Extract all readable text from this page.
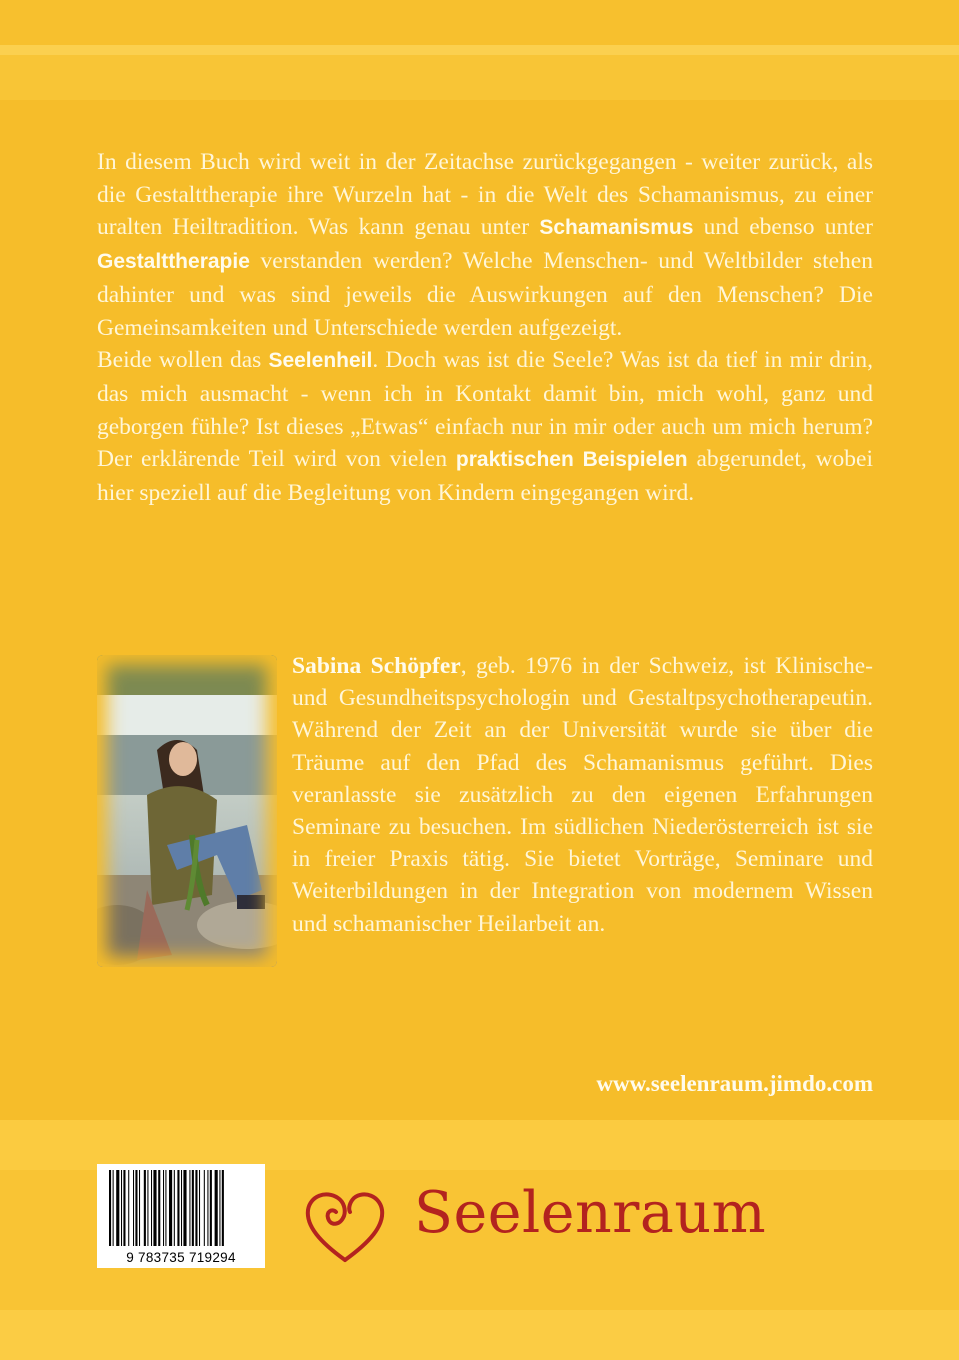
In diesem Buch wird weit in der Zeitachse zurückgegangen - weiter zurück, als die Gestalttherapie ihre Wurzeln hat - in die Welt des Schamanismus, zu einer uralten Heiltradition. Was kann genau unter Schamanismus und ebenso unter Gestalttherapie verstanden werden? Welche Menschen- und Weltbilder stehen dahinter und was sind jeweils die Auswirkungen auf den Menschen? Die Gemeinsamkeiten und Unterschiede werden aufgezeigt.

Beide wollen das Seelenheil. Doch was ist die Seele? Was ist da tief in mir drin, das mich ausmacht - wenn ich in Kontakt damit bin, mich wohl, ganz und geborgen fühle? Ist dieses „Etwas“ einfach nur in mir oder auch um mich herum? Der erklärende Teil wird von vielen praktischen Beispielen abgerundet, wobei hier speziell auf die Begleitung von Kindern eingegangen wird.

Sabina Schöpfer, geb. 1976 in der Schweiz, ist Klinische- und Gesundheitspsychologin und Gestaltpsychotherapeutin. Während der Zeit an der Universität wurde sie über die Träume auf den Pfad des Schamanismus geführt. Dies veranlasste sie zusätzlich zu den eigenen Erfahrungen Seminare zu besuchen. Im südlichen Niederösterreich ist sie in freier Praxis tätig. Sie bietet Vorträge, Seminare und Weiterbildungen in der Integration von modernem Wissen und schamanischer Heilarbeit an.

www.seelenraum.jimdo.com

9 783735 719294

Seelenraum
